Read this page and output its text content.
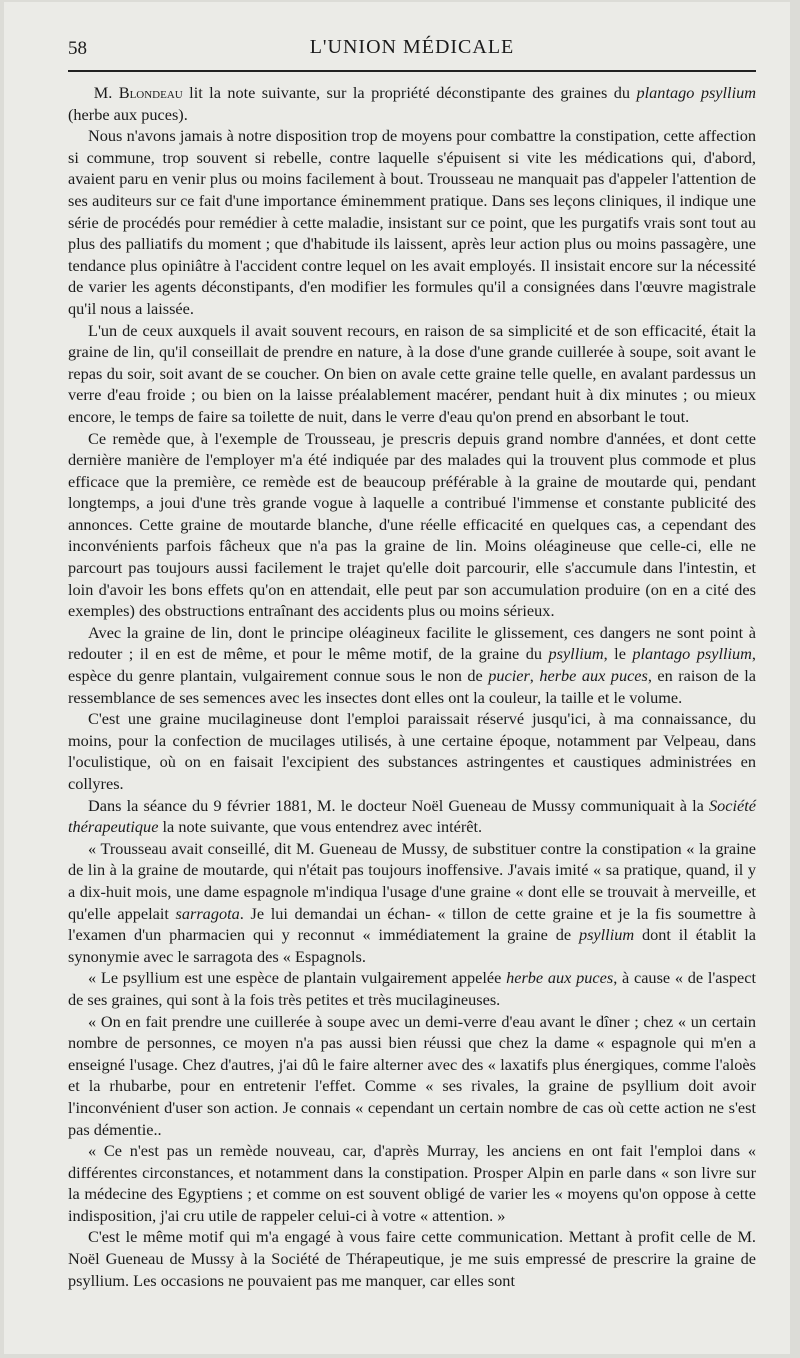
58	L'UNION MÉDICALE

M. Blondeau lit la note suivante, sur la propriété déconstipante des graines du plantago psyllium (herbe aux puces).

Nous n'avons jamais à notre disposition trop de moyens pour combattre la constipation, cette affection si commune, trop souvent si rebelle, contre laquelle s'épuisent si vite les médications qui, d'abord, avaient paru en venir plus ou moins facilement à bout. Trousseau ne manquait pas d'appeler l'attention de ses auditeurs sur ce fait d'une importance éminemment pratique. Dans ses leçons cliniques, il indique une série de procédés pour remédier à cette maladie, insistant sur ce point, que les purgatifs vrais sont tout au plus des palliatifs du moment ; que d'habitude ils laissent, après leur action plus ou moins passagère, une tendance plus opiniâtre à l'accident contre lequel on les avait employés. Il insistait encore sur la nécessité de varier les agents déconstipants, d'en modifier les formules qu'il a consignées dans l'œuvre magistrale qu'il nous a laissée.

L'un de ceux auxquels il avait souvent recours, en raison de sa simplicité et de son efficacité, était la graine de lin, qu'il conseillait de prendre en nature, à la dose d'une grande cuillerée à soupe, soit avant le repas du soir, soit avant de se coucher. On bien on avale cette graine telle quelle, en avalant pardessus un verre d'eau froide ; ou bien on la laisse préalablement macérer, pendant huit à dix minutes ; ou mieux encore, le temps de faire sa toilette de nuit, dans le verre d'eau qu'on prend en absorbant le tout.

Ce remède que, à l'exemple de Trousseau, je prescris depuis grand nombre d'années, et dont cette dernière manière de l'employer m'a été indiquée par des malades qui la trouvent plus commode et plus efficace que la première, ce remède est de beaucoup préférable à la graine de moutarde qui, pendant longtemps, a joui d'une très grande vogue à laquelle a contribué l'immense et constante publicité des annonces. Cette graine de moutarde blanche, d'une réelle efficacité en quelques cas, a cependant des inconvénients parfois fâcheux que n'a pas la graine de lin. Moins oléagineuse que celle-ci, elle ne parcourt pas toujours aussi facilement le trajet qu'elle doit parcourir, elle s'accumule dans l'intestin, et loin d'avoir les bons effets qu'on en attendait, elle peut par son accumulation produire (on en a cité des exemples) des obstructions entraînant des accidents plus ou moins sérieux.

Avec la graine de lin, dont le principe oléagineux facilite le glissement, ces dangers ne sont point à redouter ; il en est de même, et pour le même motif, de la graine du psyllium, le plantago psyllium, espèce du genre plantain, vulgairement connue sous le non de pucier, herbe aux puces, en raison de la ressemblance de ses semences avec les insectes dont elles ont la couleur, la taille et le volume.

C'est une graine mucilagineuse dont l'emploi paraissait réservé jusqu'ici, à ma connaissance, du moins, pour la confection de mucilages utilisés, à une certaine époque, notamment par Velpeau, dans l'oculistique, où on en faisait l'excipient des substances astringentes et caustiques administrées en collyres.

Dans la séance du 9 février 1881, M. le docteur Noël Gueneau de Mussy communiquait à la Société thérapeutique la note suivante, que vous entendrez avec intérêt.

« Trousseau avait conseillé, dit M. Gueneau de Mussy, de substituer contre la constipation « la graine de lin à la graine de moutarde, qui n'était pas toujours inoffensive. J'avais imité « sa pratique, quand, il y a dix-huit mois, une dame espagnole m'indiqua l'usage d'une graine « dont elle se trouvait à merveille, et qu'elle appelait sarragota. Je lui demandai un échan- « tillon de cette graine et je la fis soumettre à l'examen d'un pharmacien qui y reconnut « immédiatement la graine de psyllium dont il établit la synonymie avec le sarragota des « Espagnols.

« Le psyllium est une espèce de plantain vulgairement appelée herbe aux puces, à cause « de l'aspect de ses graines, qui sont à la fois très petites et très mucilagineuses.

« On en fait prendre une cuillerée à soupe avec un demi-verre d'eau avant le dîner ; chez « un certain nombre de personnes, ce moyen n'a pas aussi bien réussi que chez la dame « espagnole qui m'en a enseigné l'usage. Chez d'autres, j'ai dû le faire alterner avec des « laxatifs plus énergiques, comme l'aloès et la rhubarbe, pour en entretenir l'effet. Comme « ses rivales, la graine de psyllium doit avoir l'inconvénient d'user son action. Je connais « cependant un certain nombre de cas où cette action ne s'est pas démentie..

« Ce n'est pas un remède nouveau, car, d'après Murray, les anciens en ont fait l'emploi dans « différentes circonstances, et notamment dans la constipation. Prosper Alpin en parle dans « son livre sur la médecine des Egyptiens ; et comme on est souvent obligé de varier les « moyens qu'on oppose à cette indisposition, j'ai cru utile de rappeler celui-ci à votre « attention. »

C'est le même motif qui m'a engagé à vous faire cette communication. Mettant à profit celle de M. Noël Gueneau de Mussy à la Société de Thérapeutique, je me suis empressé de prescrire la graine de psyllium. Les occasions ne pouvaient pas me manquer, car elles sont
